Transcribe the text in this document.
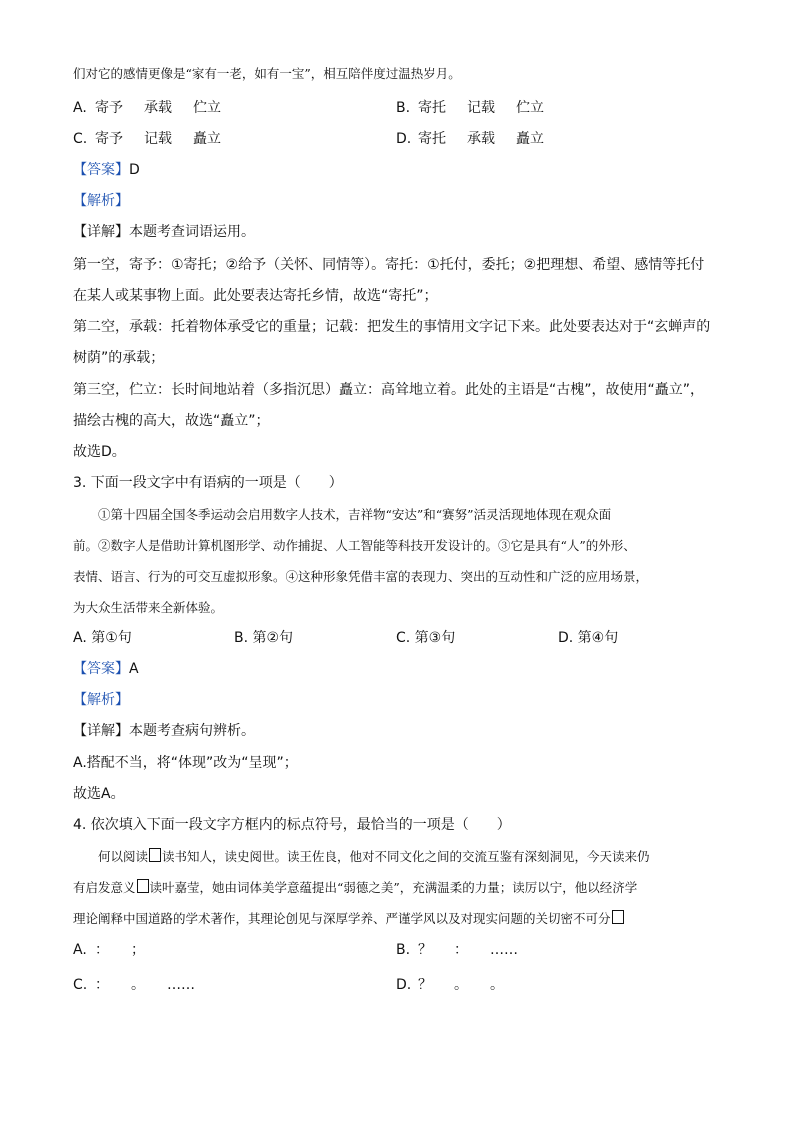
们对它的感情更像是“家有一老，如有一宝”，相互陪伴度过温热岁月。
A. 寄予 承载 伫立	B. 寄托 记载 伫立
C. 寄予 记载 矗立	D. 寄托 承载 矗立
【答案】D
【解析】
【详解】本题考查词语运用。
第一空，寄予：①寄托；②给予（关怀、同情等）。寄托：①托付，委托；②把理想、希望、感情等托付
在某人或某事物上面。此处要表达寄托乡情，故选“寄托”；
第二空，承载：托着物体承受它的重量；记载：把发生的事情用文字记下来。此处要表达对于“玄蝉声的
树荫”的承载；
第三空，伫立：长时间地站着（多指沉思）矗立：高耸地立着。此处的主语是“古槐”，故使用“矗立”，
描绘古槐的高大，故选“矗立”；
故选D。
3. 下面一段文字中有语病的一项是（　　）
①第十四届全国冬季运动会启用数字人技术，吉祥物“安达”和“赛努”活灵活现地体现在观众面
前。②数字人是借助计算机图形学、动作捕捉、人工智能等科技开发设计的。③它是具有“人”的外形、
表情、语言、行为的可交互虚拟形象。④这种形象凭借丰富的表现力、突出的互动性和广泛的应用场景，
为大众生活带来全新体验。
A. 第①句	B. 第②句	C. 第③句	D. 第④句
【答案】A
【解析】
【详解】本题考查病句辨析。
A.搭配不当，将“体现”改为“呈现”；
故选A。
4. 依次填入下面一段文字方框内的标点符号，最恰当的一项是（　　）
何以阅读 读书知人，读史阅世。读王佐良，他对不同文化之间的交流互鉴有深刻洞见，今天读来仍
有启发意义 读叶嘉莹，她由词体美学意蕴提出“弱德之美”，充满温柔的力量；读厉以宁，他以经济学
理论阐释中国道路的学术著作，其理论创见与深厚学养、严谨学风以及对现实问题的关切密不可分
A. ： ；	B. ？ ： ……
C. ： 。 ……	D. ？ 。 。
